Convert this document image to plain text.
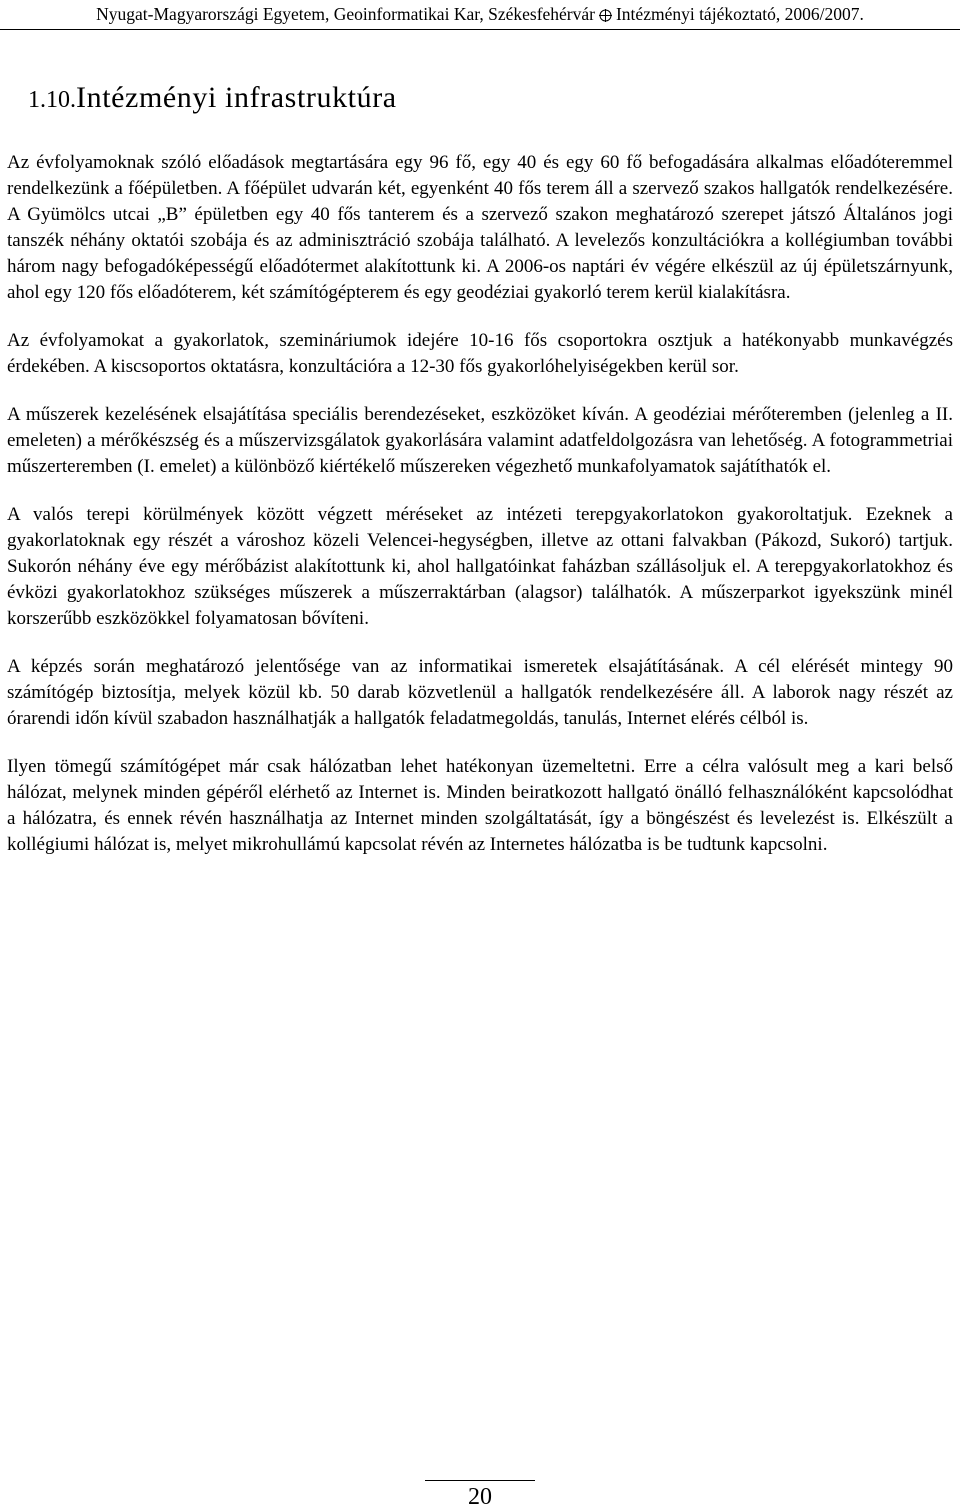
Nyugat-Magyarországi Egyetem, Geoinformatikai Kar, Székesfehérvár Intézményi tájékoztató, 2006/2007.
1.10.Intézményi infrastruktúra

Az évfolyamoknak szóló előadások megtartására egy 96 fő, egy 40 és egy 60 fő befogadására alkalmas előadóteremmel rendelkezünk a főépületben. A főépület udvarán két, egyenként 40 fős terem áll a szervező szakos hallgatók rendelkezésére. A Gyümölcs utcai „B” épületben egy 40 fős tanterem és a szervező szakon meghatározó szerepet játszó Általános jogi tanszék néhány oktatói szobája és az adminisztráció szobája található. A levelezős konzultációkra a kollégiumban további három nagy befogadóképességű előadótermet alakítottunk ki. A 2006-os naptári év végére elkészül az új épületszárnyunk, ahol egy 120 fős előadóterem, két számítógépterem és egy geodéziai gyakorló terem kerül kialakításra.

Az évfolyamokat a gyakorlatok, szemináriumok idejére 10-16 fős csoportokra osztjuk a hatékonyabb munkavégzés érdekében. A kiscsoportos oktatásra, konzultációra a 12-30 fős gyakorlóhelyiségekben kerül sor.

A műszerek kezelésének elsajátítása speciális berendezéseket, eszközöket kíván. A geodéziai mérőteremben (jelenleg a II. emeleten) a mérőkészség és a műszervizsgálatok gyakorlására valamint adatfeldolgozásra van lehetőség. A fotogrammetriai műszerteremben (I. emelet) a különböző kiértékelő műszereken végezhető munkafolyamatok sajátíthatók el.

A valós terepi körülmények között végzett méréseket az intézeti terepgyakorlatokon gyakoroltatjuk. Ezeknek a gyakorlatoknak egy részét a városhoz közeli Velencei-hegységben, illetve az ottani falvakban (Pákozd, Sukoró) tartjuk. Sukorón néhány éve egy mérőbázist alakítottunk ki, ahol hallgatóinkat faházban szállásoljuk el. A terepgyakorlatokhoz és évközi gyakorlatokhoz szükséges műszerek a műszerraktárban (alagsor) találhatók. A műszerparkot igyekszünk minél korszerűbb eszközökkel folyamatosan bővíteni.

A képzés során meghatározó jelentősége van az informatikai ismeretek elsajátításának. A cél elérését mintegy 90 számítógép biztosítja, melyek közül kb. 50 darab közvetlenül a hallgatók rendelkezésére áll. A laborok nagy részét az órarendi időn kívül szabadon használhatják a hallgatók feladatmegoldás, tanulás, Internet elérés célból is.

Ilyen tömegű számítógépet már csak hálózatban lehet hatékonyan üzemeltetni. Erre a célra valósult meg a kari belső hálózat, melynek minden gépéről elérhető az Internet is. Minden beiratkozott hallgató önálló felhasználóként kapcsolódhat a hálózatra, és ennek révén használhatja az Internet minden szolgáltatását, így a böngészést és levelezést is. Elkészült a kollégiumi hálózat is, melyet mikrohullámú kapcsolat révén az Internetes hálózatba is be tudtunk kapcsolni.

20
